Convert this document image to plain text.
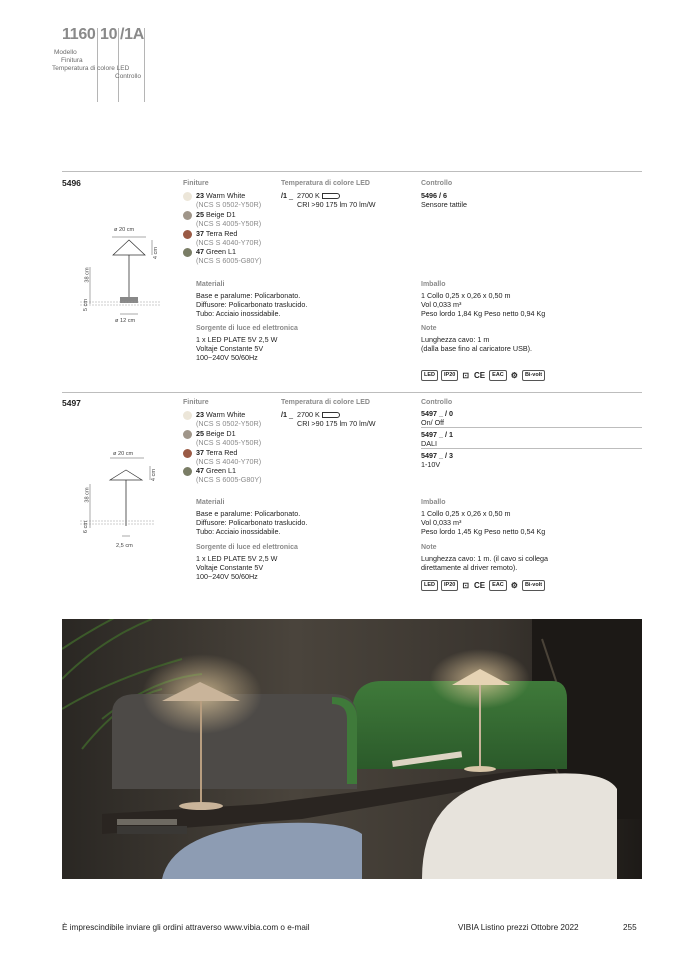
1160 10 /1A
Modello
Finitura
Temperatura di colore LED
Controllo
5496
ø 20 cm
4 cm
38 cm
5 cm
ø 12 cm
Finiture
23 Warm White
(NCS S 0502-Y50R)
25 Beige D1
(NCS S 4005-Y50R)
37 Terra Red
(NCS S 4040-Y70R)
47 Green L1
(NCS S 6005-G80Y)
Temperatura di colore LED
/1 _ 2700 K
CRI >90 175 lm 70 lm/W
Controllo
5496 / 6
Sensore tattile
Materiali
Base e paralume: Policarbonato.
Diffusore: Policarbonato traslucido.
Tubo: Acciaio inossidabile.
Sorgente di luce ed elettronica
1 x LED PLATE 5V 2,5 W
Voltaje Constante 5V
100~240V 50/60Hz
Imballo
1 Collo 0,25 x 0,26 x 0,50 m
Vol 0,033 m³
Peso lordo 1,84 Kg Peso netto 0,94 Kg
Note
Lunghezza cavo: 1 m
(dalla base fino al caricatore USB).
LED	IP20 ⊡ CE	EAC ⚙	Bi-volt
5497
ø 20 cm
4 cm
38 cm
6 cm
2,5 cm
Finiture
23 Warm White
(NCS S 0502-Y50R)
25 Beige D1
(NCS S 4005-Y50R)
37 Terra Red
(NCS S 4040-Y70R)
47 Green L1
(NCS S 6005-G80Y)
Temperatura di colore LED
/1 _ 2700 K
CRI >90 175 lm 70 lm/W
Controllo
5497 _ / 0
On/ Off
5497 _ / 1
DALI
5497 _ / 3
1-10V
Materiali
Base e paralume: Policarbonato.
Diffusore: Policarbonato traslucido.
Tubo: Acciaio inossidabile.
Sorgente di luce ed elettronica
1 x LED PLATE 5V 2,5 W
Voltaje Constante 5V
100~240V 50/60Hz
Imballo
1 Collo 0,25 x 0,26 x 0,50 m
Vol 0,033 m³
Peso lordo 1,45 Kg Peso netto 0,54 Kg
Note
Lunghezza cavo: 1 m. (il cavo si collega
direttamente al driver remoto).
LED	IP20 ⊡ CE	EAC ⚙	Bi-volt
È imprescindibile inviare gli ordini attraverso www.vibia.com o e-mail	VIBIA Listino prezzi Ottobre 2022	255
